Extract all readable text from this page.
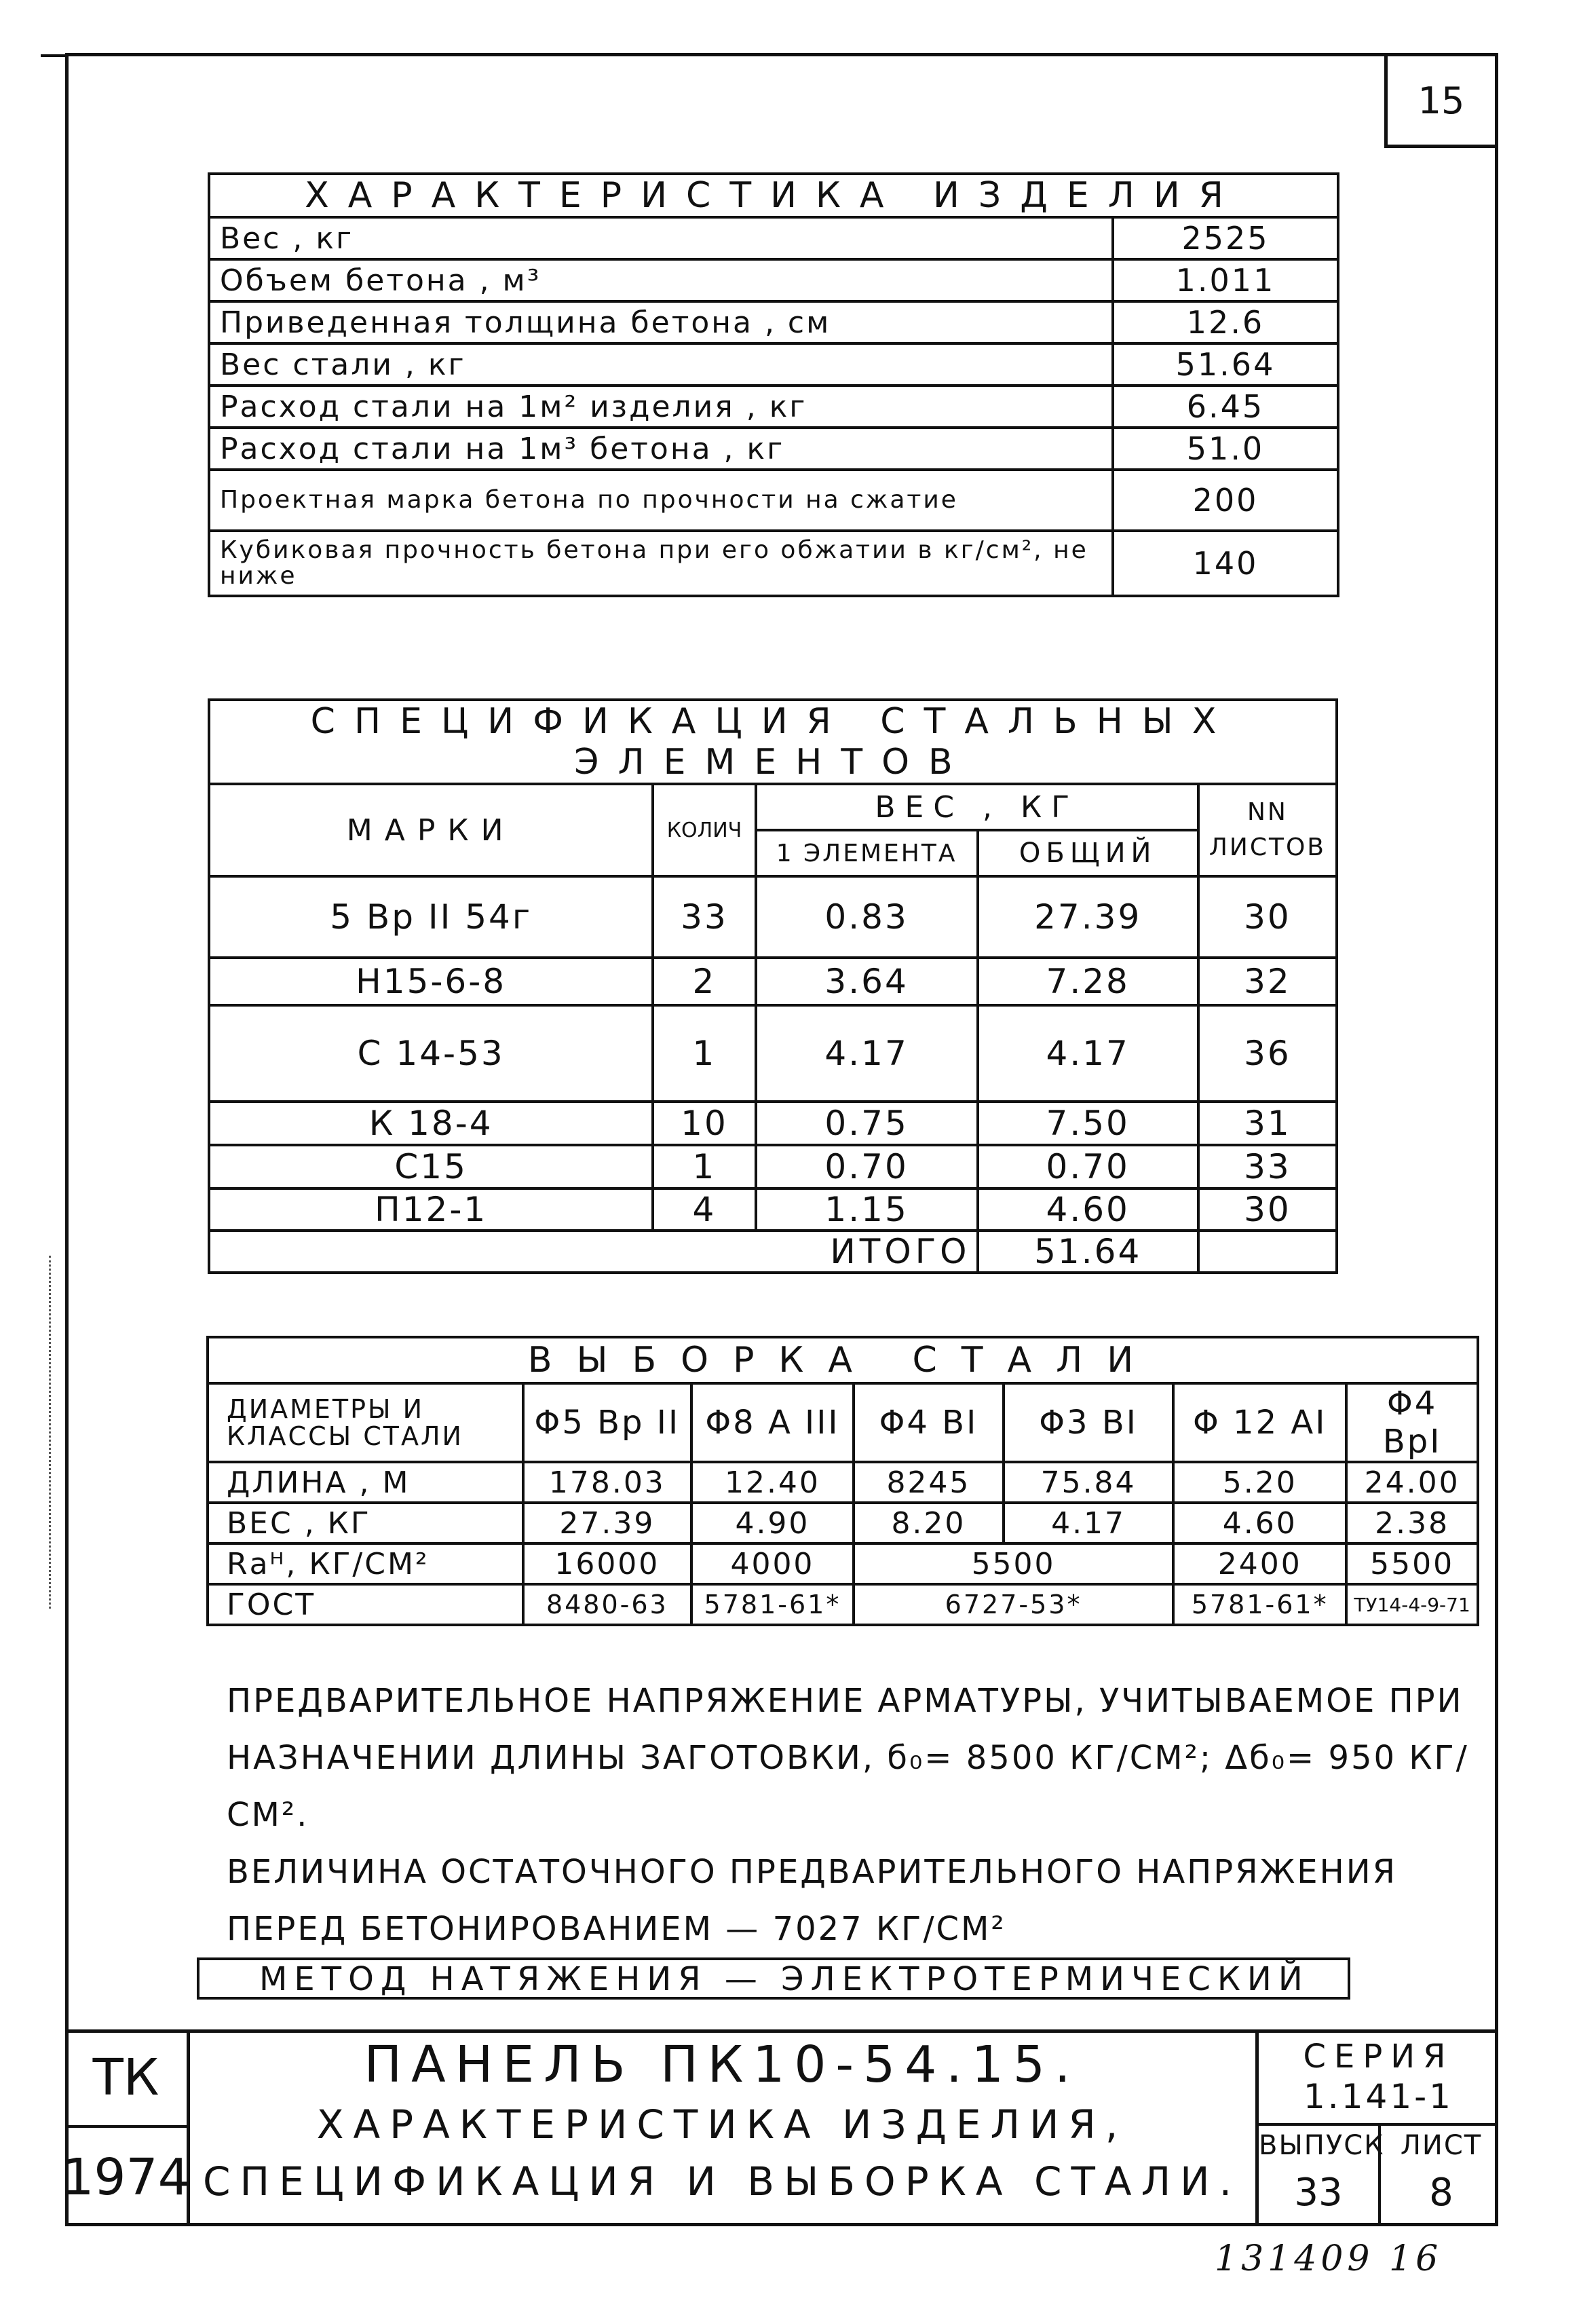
15
ХАРАКТЕРИСТИКА ИЗДЕЛИЯ	
Вес , кг	2525
Объем бетона , м³	1.011
Приведенная толщина бетона , см	12.6
Вес стали , кг	51.64
Расход стали на 1м² изделия , кг	6.45
Расход стали на 1м³ бетона , кг	51.0
Проектная марка бетона по прочности на сжатие	200
Кубиковая прочность бетона при его обжатии в кг/см², не ниже	140
СПЕЦИФИКАЦИЯ СТАЛЬНЫХ ЭЛЕМЕНТОВ				
МАРКИ	КОЛИЧ	ВЕС , КГ		NN ЛИСТОВ
		1 ЭЛЕМЕНТА	ОБЩИЙ	
5 Вр II 54г	33	0.83	27.39	30
Н15-6-8	2	3.64	7.28	32
С 14-53	1	4.17	4.17	36
К 18-4	10	0.75	7.50	31
С15	1	0.70	0.70	33
П12-1	4	1.15	4.60	30
ИТОГО			51.64	
ВЫБОРКА СТАЛИ						
ДИАМЕТРЫ И КЛАССЫ СТАЛИ	Φ5 Вр II	Φ8 А III	Φ4 ВI	Φ3 ВI	Φ 12 АI	Φ4 ВрI
ДЛИНА , М	178.03	12.40	8245	75.84	5.20	24.00
ВЕС , КГ	27.39	4.90	8.20	4.17	4.60	2.38
Rаᴴ, КГ/СМ²	16000	4000	5500		2400	5500
ГОСТ	8480-63	5781-61*	6727-53*		5781-61*	ТУ14-4-9-71
ПРЕДВАРИТЕЛЬНОЕ НАПРЯЖЕНИЕ АРМАТУРЫ, УЧИТЫВАЕМОЕ ПРИ
НАЗНАЧЕНИИ ДЛИНЫ ЗАГОТОВКИ, б₀= 8500 КГ/СМ²; Δб₀= 950 КГ/СМ².
ВЕЛИЧИНА ОСТАТОЧНОГО ПРЕДВАРИТЕЛЬНОГО НАПРЯЖЕНИЯ
ПЕРЕД БЕТОНИРОВАНИЕМ — 7027 КГ/СМ²
МЕТОД НАТЯЖЕНИЯ — ЭЛЕКТРОТЕРМИЧЕСКИЙ
ТК
1974
ПАНЕЛЬ ПК10-54.15.
ХАРАКТЕРИСТИКА ИЗДЕЛИЯ,
СПЕЦИФИКАЦИЯ И ВЫБОРКА СТАЛИ.
СЕРИЯ
1.141-1
ВЫПУСК
33
ЛИСТ
8
131409 16
